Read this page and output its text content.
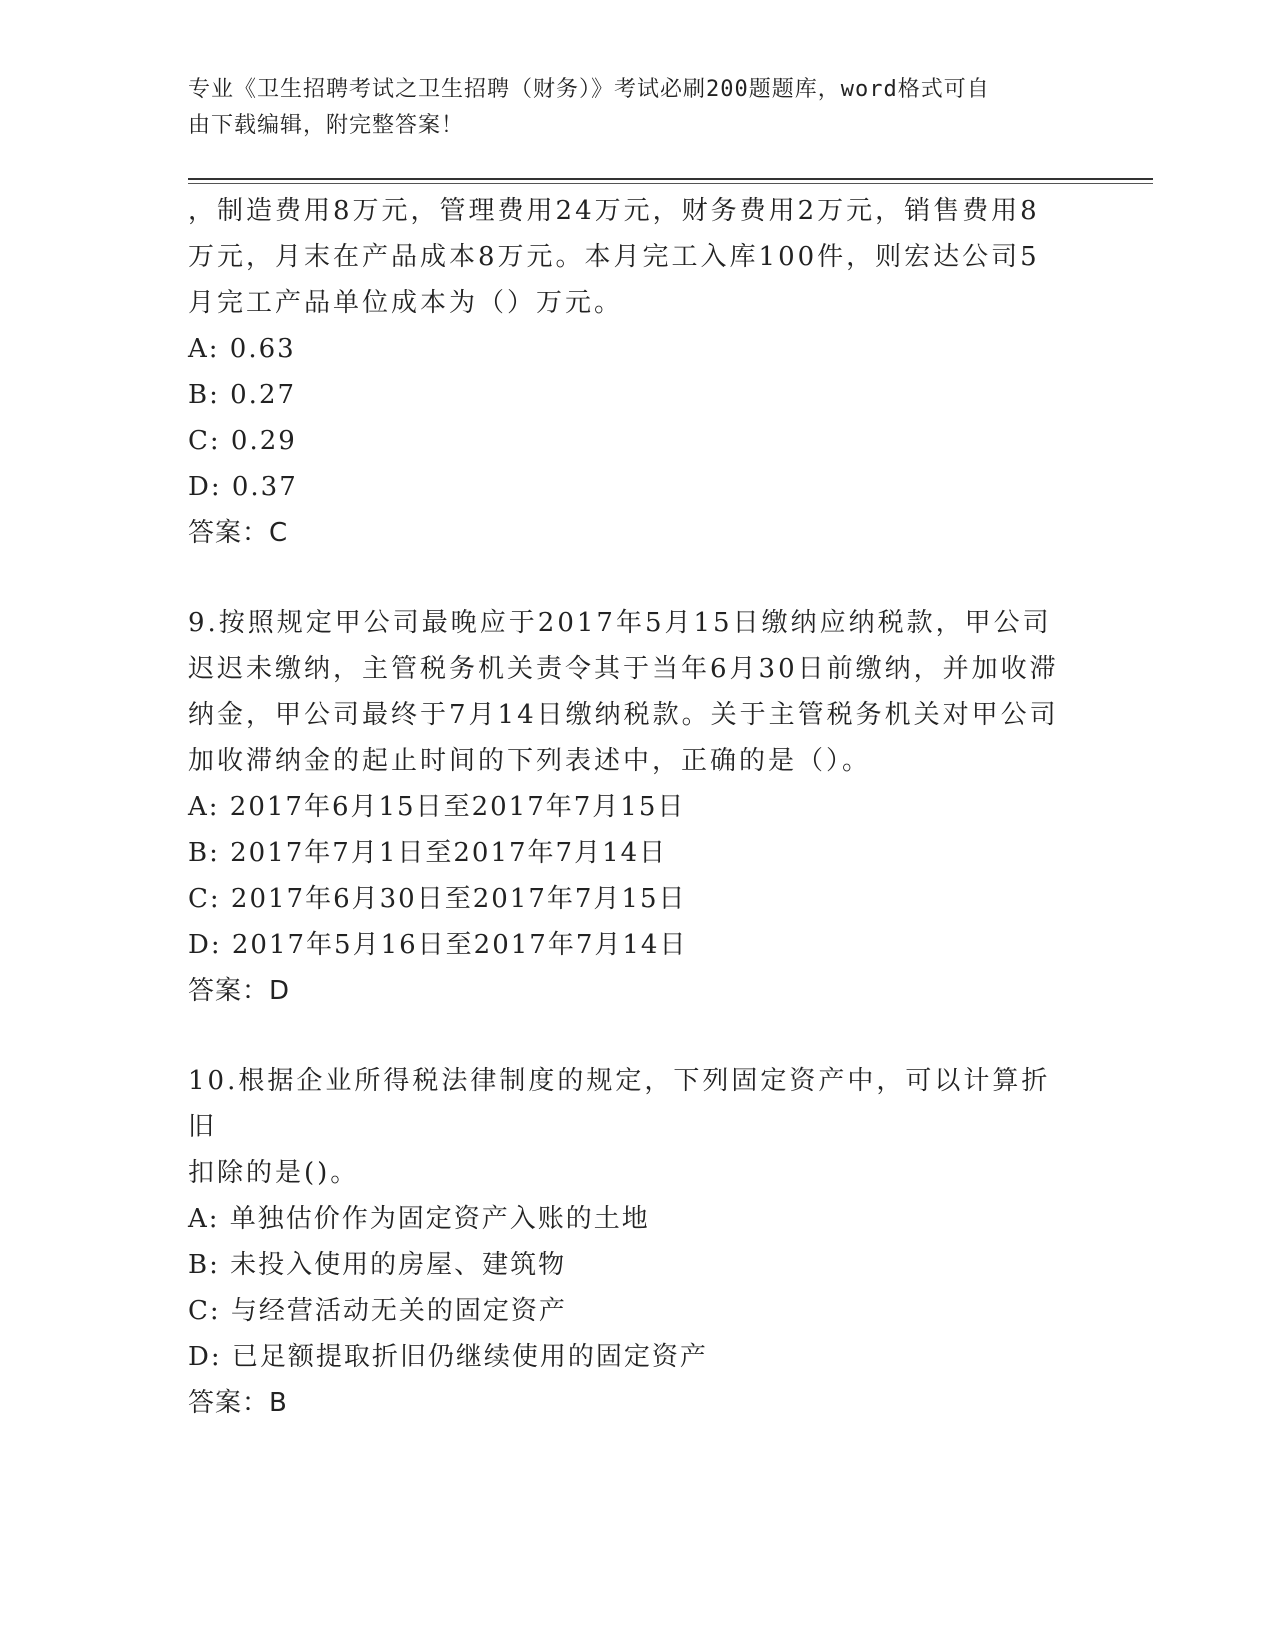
专业《卫生招聘考试之卫生招聘（财务）》考试必刷200题题库，word格式可自
由下载编辑，附完整答案！

，制造费用8万元，管理费用24万元，财务费用2万元，销售费用8

万元，月末在产品成本8万元。本月完工入库100件，则宏达公司5

月完工产品单位成本为（）万元。

A: 0.63

B: 0.27

C: 0.29

D: 0.37

答案：C

9.按照规定甲公司最晚应于2017年5月15日缴纳应纳税款，甲公司

迟迟未缴纳，主管税务机关责令其于当年6月30日前缴纳，并加收滞

纳金，甲公司最终于7月14日缴纳税款。关于主管税务机关对甲公司

加收滞纳金的起止时间的下列表述中，正确的是（）。

A: 2017年6月15日至2017年7月15日

B: 2017年7月1日至2017年7月14日

C: 2017年6月30日至2017年7月15日

D: 2017年5月16日至2017年7月14日

答案：D

10.根据企业所得税法律制度的规定，下列固定资产中，可以计算折旧

扣除的是()。

A: 单独估价作为固定资产入账的土地

B: 未投入使用的房屋、建筑物

C: 与经营活动无关的固定资产

D: 已足额提取折旧仍继续使用的固定资产

答案：B
